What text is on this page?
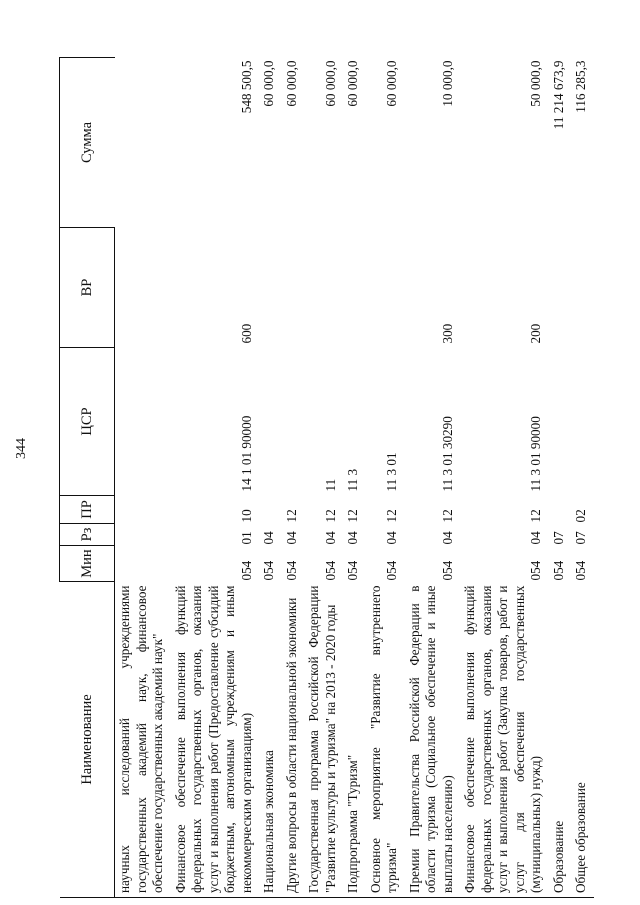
344
Наименование	Мин	Рз	ПР	ЦСР	ВР	Сумма
научных исследований учреждениями государственных академий наук, финансовое обеспечение государственных академий наук"						
Финансовое обеспечение выполнения функций федеральных государственных органов, оказания услуг и выполнения работ (Предоставление субсидий бюджетным, автономным учреждениям и иным некоммерческим организациям)	054	01	10	14 1 01 90000	600	548 500,5
Национальная экономика	054	04				60 000,0
Другие вопросы в области национальной экономики	054	04	12			60 000,0
Государственная программа Российской Федерации "Развитие культуры и туризма" на 2013 - 2020 годы	054	04	12	11		60 000,0
Подпрограмма "Туризм"	054	04	12	11 3		60 000,0
Основное мероприятие "Развитие внутреннего туризма"	054	04	12	11 3 01		60 000,0
Премии Правительства Российской Федерации в области туризма (Социальное обеспечение и иные выплаты населению)	054	04	12	11 3 01 30290	300	10 000,0
Финансовое обеспечение выполнения функций федеральных государственных органов, оказания услуг и выполнения работ (Закупка товаров, работ и услуг для обеспечения государственных (муниципальных) нужд)	054	04	12	11 3 01 90000	200	50 000,0
Образование	054	07				11 214 673,9
Общее образование	054	07	02			116 285,3
